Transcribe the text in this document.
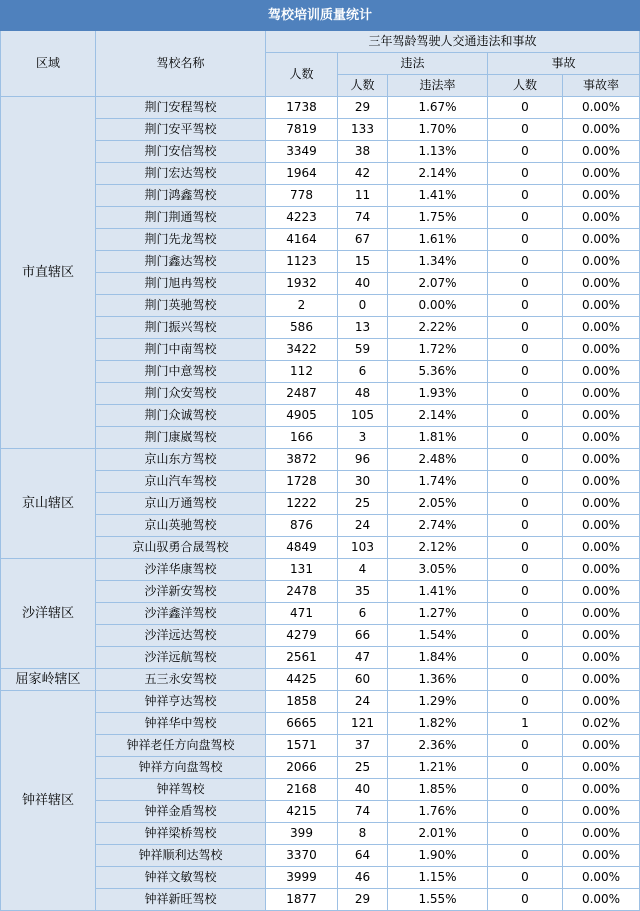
驾校培训质量统计						
区域	驾校名称	三年驾龄驾驶人交通违法和事故				
		人数	违法		事故	
			人数	违法率	人数	事故率
市直辖区	荆门安程驾校	1738	29	1.67%	0	0.00%
	荆门安平驾校	7819	133	1.70%	0	0.00%
	荆门安信驾校	3349	38	1.13%	0	0.00%
	荆门宏达驾校	1964	42	2.14%	0	0.00%
	荆门鸿鑫驾校	778	11	1.41%	0	0.00%
	荆门荆通驾校	4223	74	1.75%	0	0.00%
	荆门先龙驾校	4164	67	1.61%	0	0.00%
	荆门鑫达驾校	1123	15	1.34%	0	0.00%
	荆门旭冉驾校	1932	40	2.07%	0	0.00%
	荆门英驰驾校	2	0	0.00%	0	0.00%
	荆门振兴驾校	586	13	2.22%	0	0.00%
	荆门中南驾校	3422	59	1.72%	0	0.00%
	荆门中意驾校	112	6	5.36%	0	0.00%
	荆门众安驾校	2487	48	1.93%	0	0.00%
	荆门众诚驾校	4905	105	2.14%	0	0.00%
	荆门康崴驾校	166	3	1.81%	0	0.00%
京山辖区	京山东方驾校	3872	96	2.48%	0	0.00%
	京山汽车驾校	1728	30	1.74%	0	0.00%
	京山万通驾校	1222	25	2.05%	0	0.00%
	京山英驰驾校	876	24	2.74%	0	0.00%
	京山驭勇合晟驾校	4849	103	2.12%	0	0.00%
沙洋辖区	沙洋华康驾校	131	4	3.05%	0	0.00%
	沙洋新安驾校	2478	35	1.41%	0	0.00%
	沙洋鑫洋驾校	471	6	1.27%	0	0.00%
	沙洋远达驾校	4279	66	1.54%	0	0.00%
	沙洋远航驾校	2561	47	1.84%	0	0.00%
屈家岭辖区	五三永安驾校	4425	60	1.36%	0	0.00%
钟祥辖区	钟祥亨达驾校	1858	24	1.29%	0	0.00%
	钟祥华中驾校	6665	121	1.82%	1	0.02%
	钟祥老任方向盘驾校	1571	37	2.36%	0	0.00%
	钟祥方向盘驾校	2066	25	1.21%	0	0.00%
	钟祥驾校	2168	40	1.85%	0	0.00%
	钟祥金盾驾校	4215	74	1.76%	0	0.00%
	钟祥梁桥驾校	399	8	2.01%	0	0.00%
	钟祥顺利达驾校	3370	64	1.90%	0	0.00%
	钟祥文敏驾校	3999	46	1.15%	0	0.00%
	钟祥新旺驾校	1877	29	1.55%	0	0.00%
